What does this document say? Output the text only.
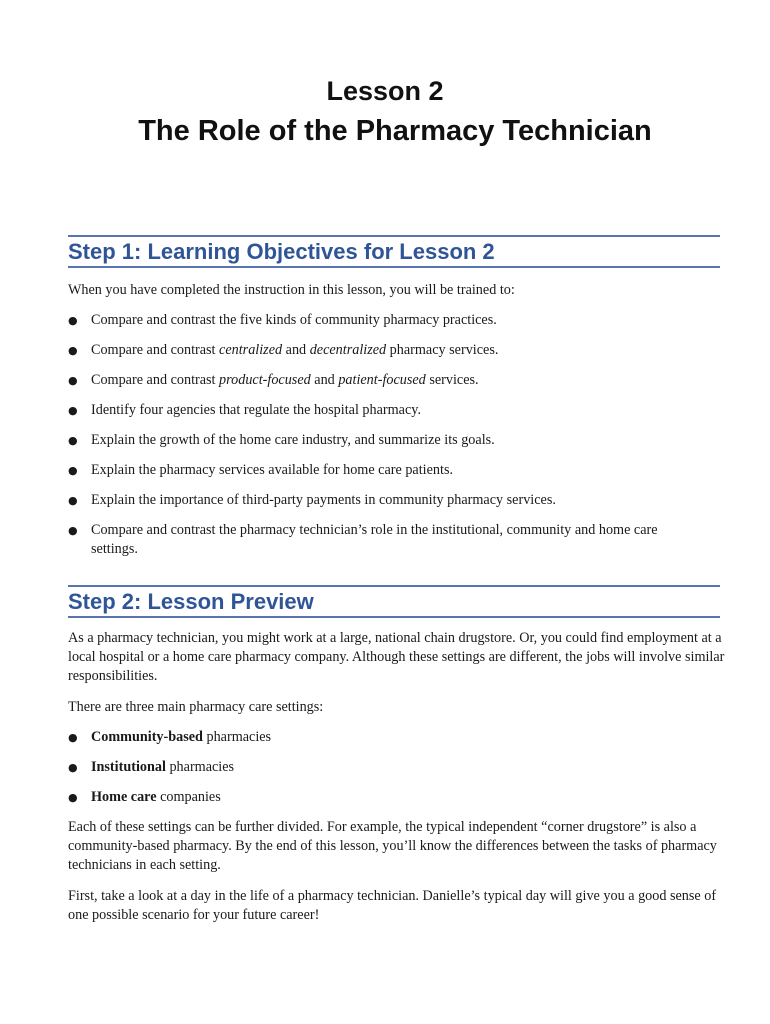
Lesson 2
The Role of the Pharmacy Technician
Step 1: Learning Objectives for Lesson 2

When you have completed the instruction in this lesson, you will be trained to:

● Compare and contrast the five kinds of community pharmacy practices.
● Compare and contrast centralized and decentralized pharmacy services.
● Compare and contrast product-focused and patient-focused services.
● Identify four agencies that regulate the hospital pharmacy.
● Explain the growth of the home care industry, and summarize its goals.
● Explain the pharmacy services available for home care patients.
● Explain the importance of third-party payments in community pharmacy services.
● Compare and contrast the pharmacy technician’s role in the institutional, community and home care settings.
Step 2: Lesson Preview

As a pharmacy technician, you might work at a large, national chain drugstore. Or, you could find employment at a local hospital or a home care pharmacy company. Although these settings are different, the jobs will involve similar responsibilities.

There are three main pharmacy care settings:

● Community-based pharmacies
● Institutional pharmacies
● Home care companies

Each of these settings can be further divided. For example, the typical independent “corner drugstore” is also a community-based pharmacy. By the end of this lesson, you’ll know the differences between the tasks of pharmacy technicians in each setting.

First, take a look at a day in the life of a pharmacy technician. Danielle’s typical day will give you a good sense of one possible scenario for your future career!
